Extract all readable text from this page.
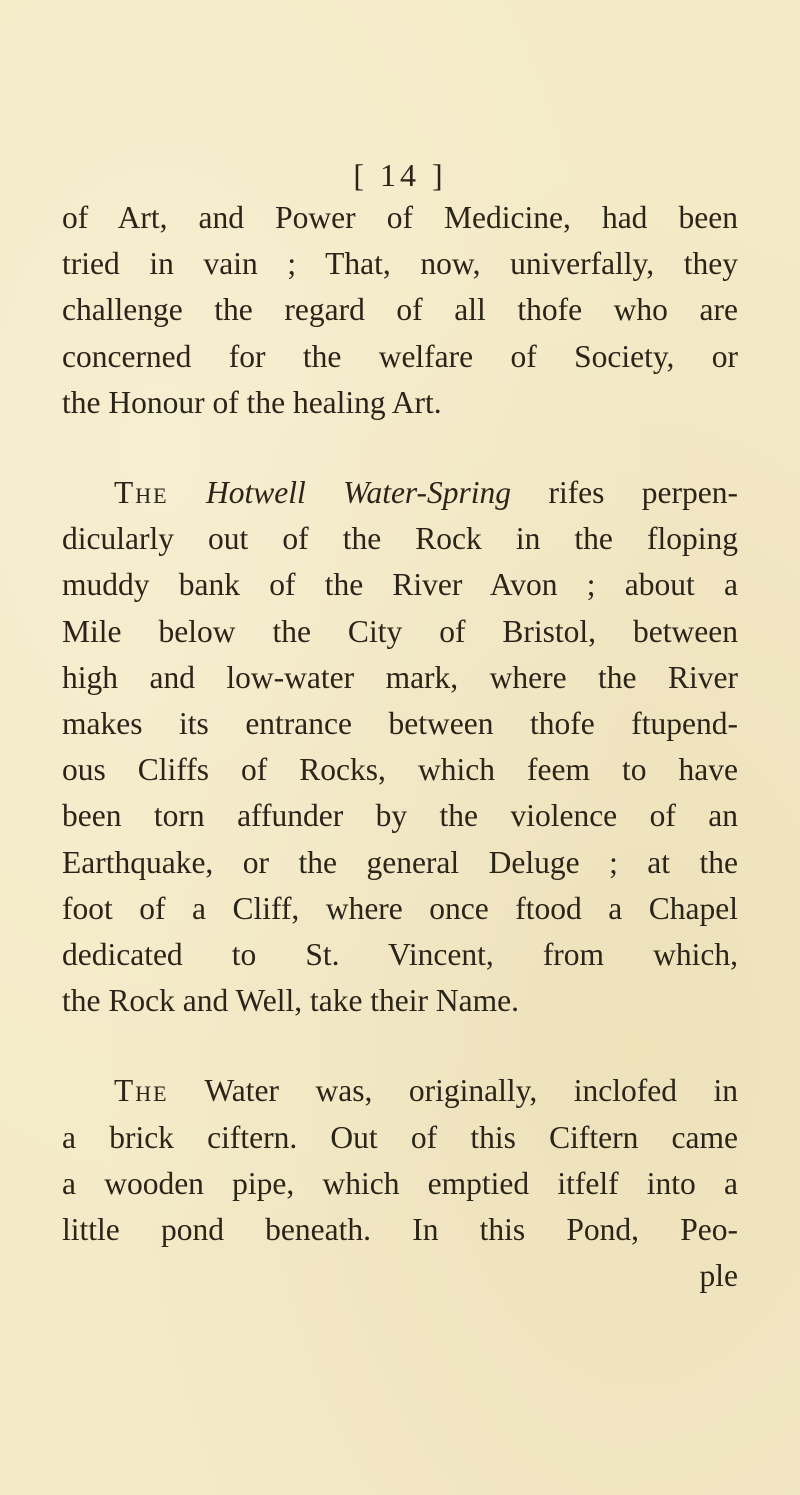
[ 14 ]
of Art, and Power of Medicine, had been
tried in vain ; That, now, univerfally, they
challenge the regard of all thofe who are
concerned for the welfare of Society, or
the Honour of the healing Art.
The Hotwell Water-Spring rifes perpen-
dicularly out of the Rock in the floping
muddy bank of the River Avon ; about a
Mile below the City of Bristol, between
high and low-water mark, where the River
makes its entrance between thofe ftupend-
ous Cliffs of Rocks, which feem to have
been torn affunder by the violence of an
Earthquake, or the general Deluge ; at the
foot of a Cliff, where once ftood a Chapel
dedicated to St. Vincent, from which,
the Rock and Well, take their Name.
The Water was, originally, inclofed in
a brick ciftern. Out of this Ciftern came
a wooden pipe, which emptied itfelf into a
little pond beneath. In this Pond, Peo-
ple
